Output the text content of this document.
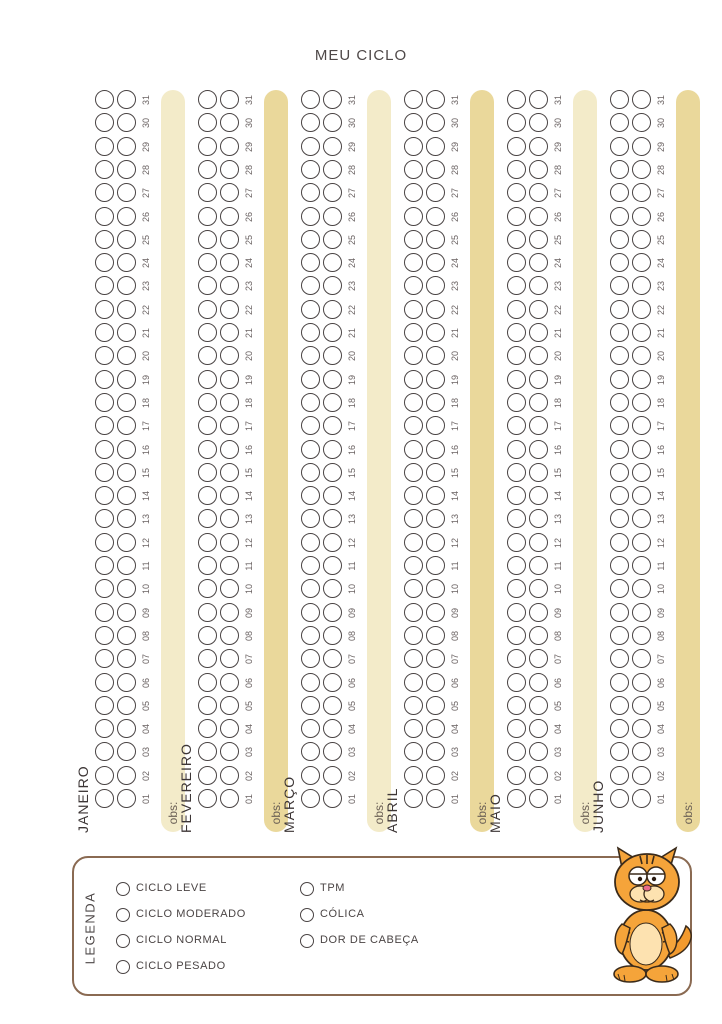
MEU CICLO
JANEIRO	01
02
03
04
05
06
07
08
09
10
11
12
13
14
15
16
17
18
19
20
21
22
23
24
25
26
27
28
29
30
31
obs:
FEVEREIRO	01
02
03
04
05
06
07
08
09
10
11
12
13
14
15
16
17
18
19
20
21
22
23
24
25
26
27
28
29
30
31
obs:
MARÇO	01
02
03
04
05
06
07
08
09
10
11
12
13
14
15
16
17
18
19
20
21
22
23
24
25
26
27
28
29
30
31
obs:
ABRIL	01
02
03
04
05
06
07
08
09
10
11
12
13
14
15
16
17
18
19
20
21
22
23
24
25
26
27
28
29
30
31
obs:
MAIO	01
02
03
04
05
06
07
08
09
10
11
12
13
14
15
16
17
18
19
20
21
22
23
24
25
26
27
28
29
30
31
obs:
JUNHO	01
02
03
04
05
06
07
08
09
10
11
12
13
14
15
16
17
18
19
20
21
22
23
24
25
26
27
28
29
30
31
obs:
LEGENDA
CICLO LEVE
CICLO MODERADO
CICLO NORMAL
CICLO PESADO
TPM
CÓLICA
DOR DE CABEÇA
